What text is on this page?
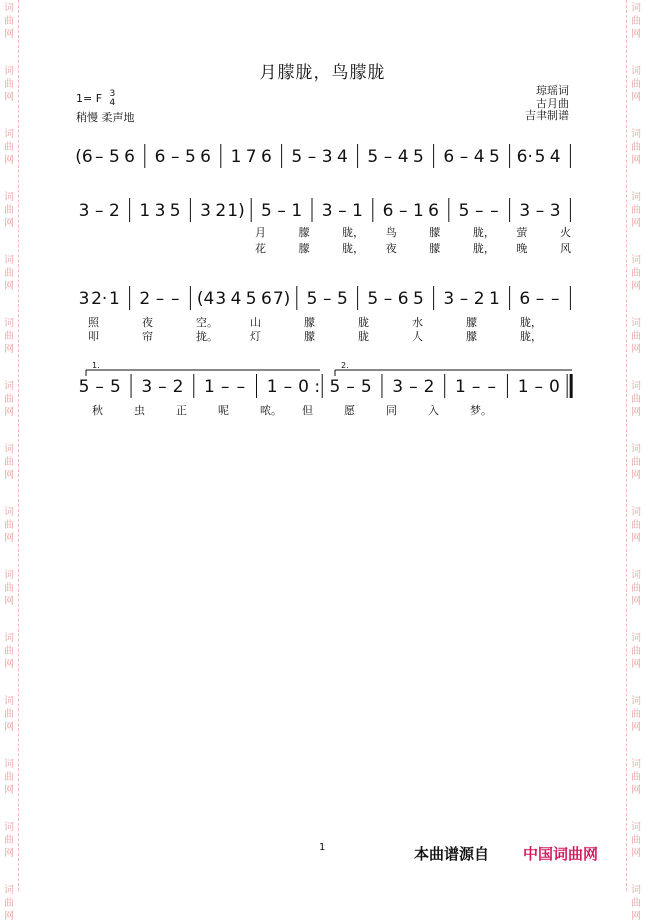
词
曲
网
词
曲
网
词
曲
网
词
曲
网
词
曲
网
词
曲
网
词
曲
网
词
曲
网
词
曲
网
词
曲
网
词
曲
网
词
曲
网
词
曲
网
词
曲
网
词
曲
网
词
曲
网
词
曲
网
词
曲
网
词
曲
网
词
曲
网
词
曲
网
词
曲
网
词
曲
网
词
曲
网
词
曲
网
词
曲
网
词
曲
网
词
曲
网
词
曲
网
词
曲
网
月朦胧，鸟朦胧
1= F 3
4
稍慢 柔声地
琼瑶词
古月曲
吉聿制谱
(6 – 5 6 6 – 5 6 1 7 6 5 – 3 4 5 – 4 5 6 – 4 5 6· 5 4
3 – 2 1 3 5 3 2 1) 5 – 1 3 – 1 6 – 1 6 5 – – 3 – 3
月	朦	胧， 鸟	朦	胧， 萤	火
花	朦	胧， 夜	朦	胧， 晚	风
3 2· 1 2 – – (4 3 4 5 6 7) 5 – 5 5 – 6 5 3 – 2 1 6 – –
照	夜	空。	山	朦	胧	水	朦	胧，
叩	帘	拢。	灯	朦	胧	人	朦	胧，
5 – 5 3 – 2 1 – – 1 – 0 : 5 – 5 3 – 2 1 – – 1 – 0
秋	虫	正	呢	哝。 但	愿	同	入	梦。
1.	2.
1	本曲谱源自 中国词曲网
